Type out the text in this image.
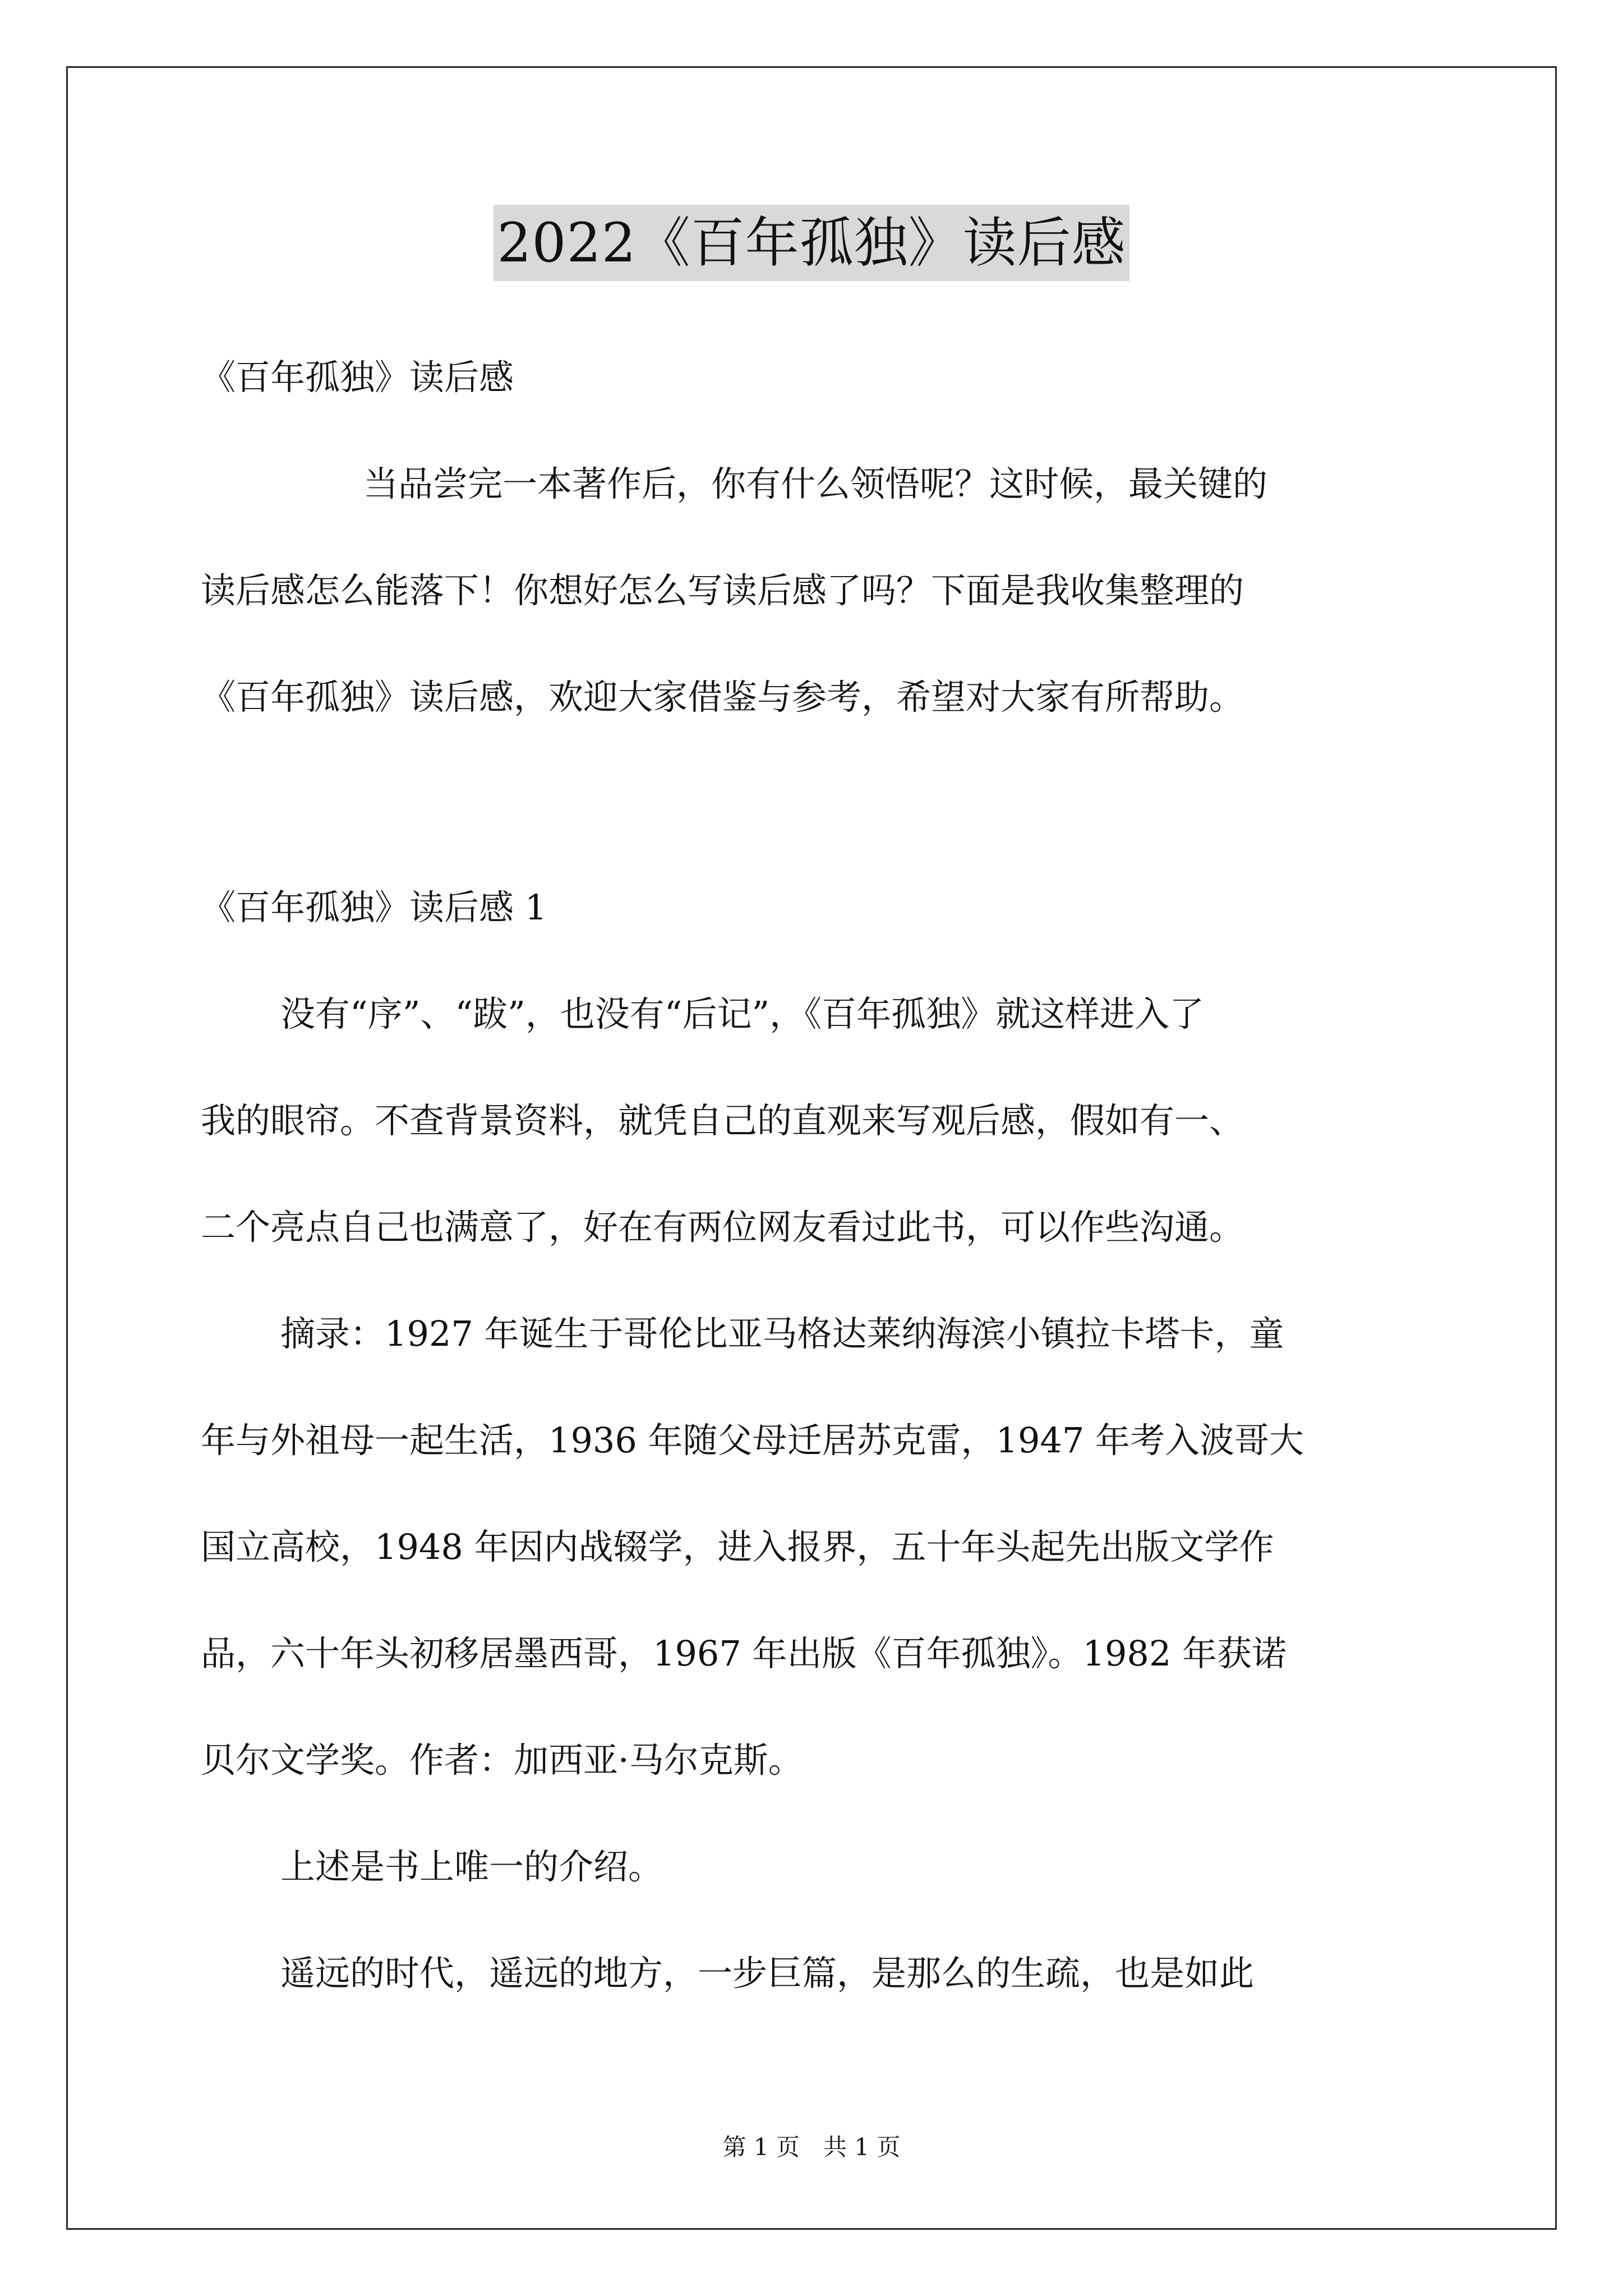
2022《百年孤独》读后感
《百年孤独》读后感
当品尝完一本著作后，你有什么领悟呢？这时候，最关键的
读后感怎么能落下！你想好怎么写读后感了吗？下面是我收集整理的
《百年孤独》读后感，欢迎大家借鉴与参考，希望对大家有所帮助。
《百年孤独》读后感 1
没有“序”、“跋”，也没有“后记”，《百年孤独》就这样进入了
我的眼帘。不查背景资料，就凭自己的直观来写观后感，假如有一、
二个亮点自己也满意了，好在有两位网友看过此书，可以作些沟通。
摘录：1927 年诞生于哥伦比亚马格达莱纳海滨小镇拉卡塔卡，童
年与外祖母一起生活，1936 年随父母迁居苏克雷，1947 年考入波哥大
国立高校，1948 年因内战辍学，进入报界，五十年头起先出版文学作
品，六十年头初移居墨西哥，1967 年出版《百年孤独》。1982 年获诺
贝尔文学奖。作者：加西亚·马尔克斯。
上述是书上唯一的介绍。
遥远的时代，遥远的地方，一步巨篇，是那么的生疏，也是如此
第 1 页　共 1 页
